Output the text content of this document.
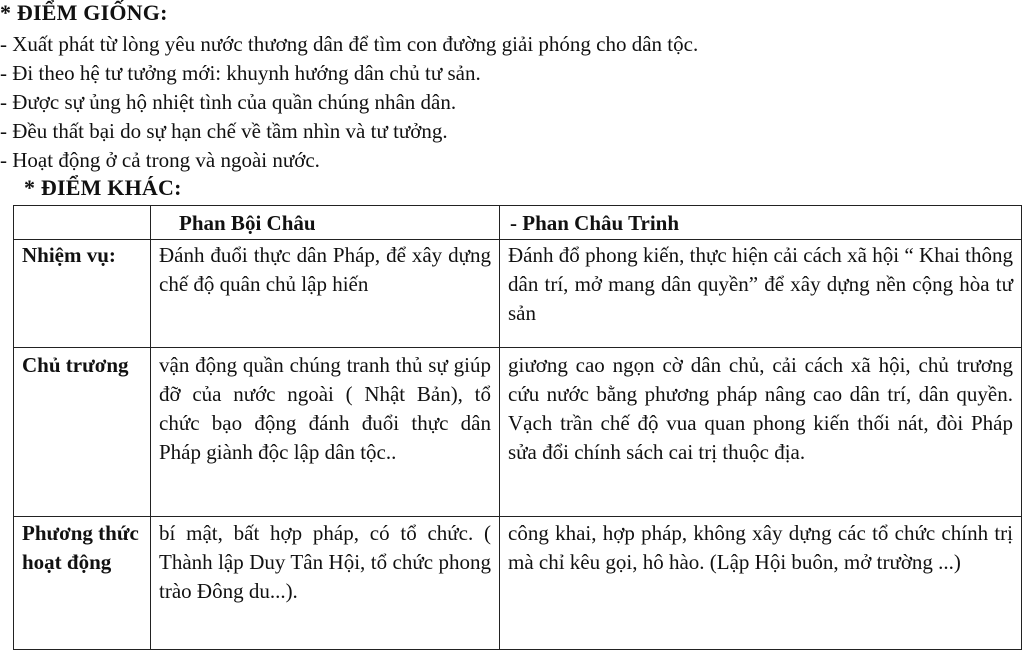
* ĐIỂM GIỐNG:
- Xuất phát từ lòng yêu nước thương dân để tìm con đường giải phóng cho dân tộc.
- Đi theo hệ tư tưởng mới: khuynh hướng dân chủ tư sản.
- Được sự ủng hộ nhiệt tình của quần chúng nhân dân.
- Đều thất bại do sự hạn chế về tầm nhìn và tư tưởng.
- Hoạt động ở cả trong và ngoài nước.
* ĐIỂM KHÁC:
	Phan Bội Châu	- Phan Châu Trinh
Nhiệm vụ:	Đánh đuổi thực dân Pháp, để xây dựng chế độ quân chủ lập hiến	Đánh đổ phong kiến, thực hiện cải cách xã hội “ Khai thông dân trí, mở mang dân quyền” để xây dựng nền cộng hòa tư sản
Chủ trương	vận động quần chúng tranh thủ sự giúp đỡ của nước ngoài ( Nhật Bản), tổ chức bạo động đánh đuổi thực dân Pháp giành độc lập dân tộc..	giương cao ngọn cờ dân chủ, cải cách xã hội, chủ trương cứu nước bằng phương pháp nâng cao dân trí, dân quyền. Vạch trần chế độ vua quan phong kiến thối nát, đòi Pháp sửa đổi chính sách cai trị thuộc địa.
Phương thức hoạt động	bí mật, bất hợp pháp, có tổ chức. ( Thành lập Duy Tân Hội, tổ chức phong trào Đông du...).	công khai, hợp pháp, không xây dựng các tổ chức chính trị mà chỉ kêu gọi, hô hào. (Lập Hội buôn, mở trường ...)
